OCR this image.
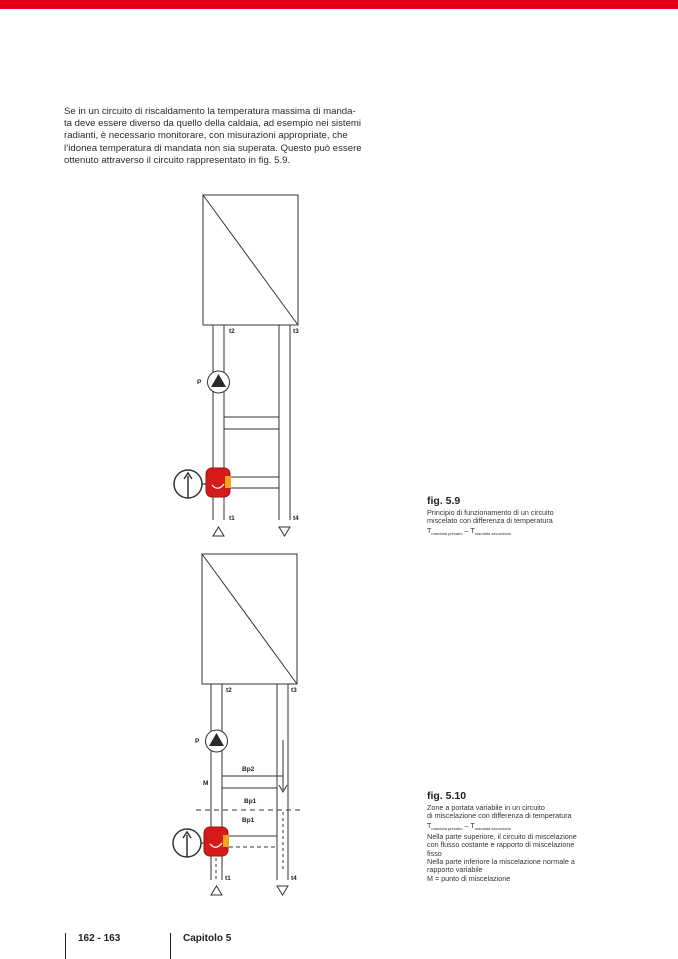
Se in un circuito di riscaldamento la temperatura massima di manda-
ta deve essere diverso da quello della caldaia, ad esempio nei sistemi
radianti, è necessario monitorare, con misurazioni appropriate, che
l’idonea temperatura di mandata non sia superata. Questo può essere
ottenuto attraverso il circuito rappresentato in fig. 5.9.

t2	t3
P
t1	t4
t2	t3
P
Bp2
M
Bp1
Bp1
t1	t4

fig. 5.9

Principio di funzionamento di un circuito

miscelato con differenza di temperatura

$T_{mandata primario} - T_{mandata secondario}$

fig. 5.10

Zone a portata variabile in un circuito

di miscelazione con differenza di temperatura

$T_{mandata primario} - T_{mandata secondario}$

Nella parte superiore, il circuito di miscelazione

con flusso costante e rapporto di miscelazione

fisso

Nella parte inferiore la miscelazione normale a

rapporto variabile

M = punto di miscelazione

162 - 163	Capitolo 5
